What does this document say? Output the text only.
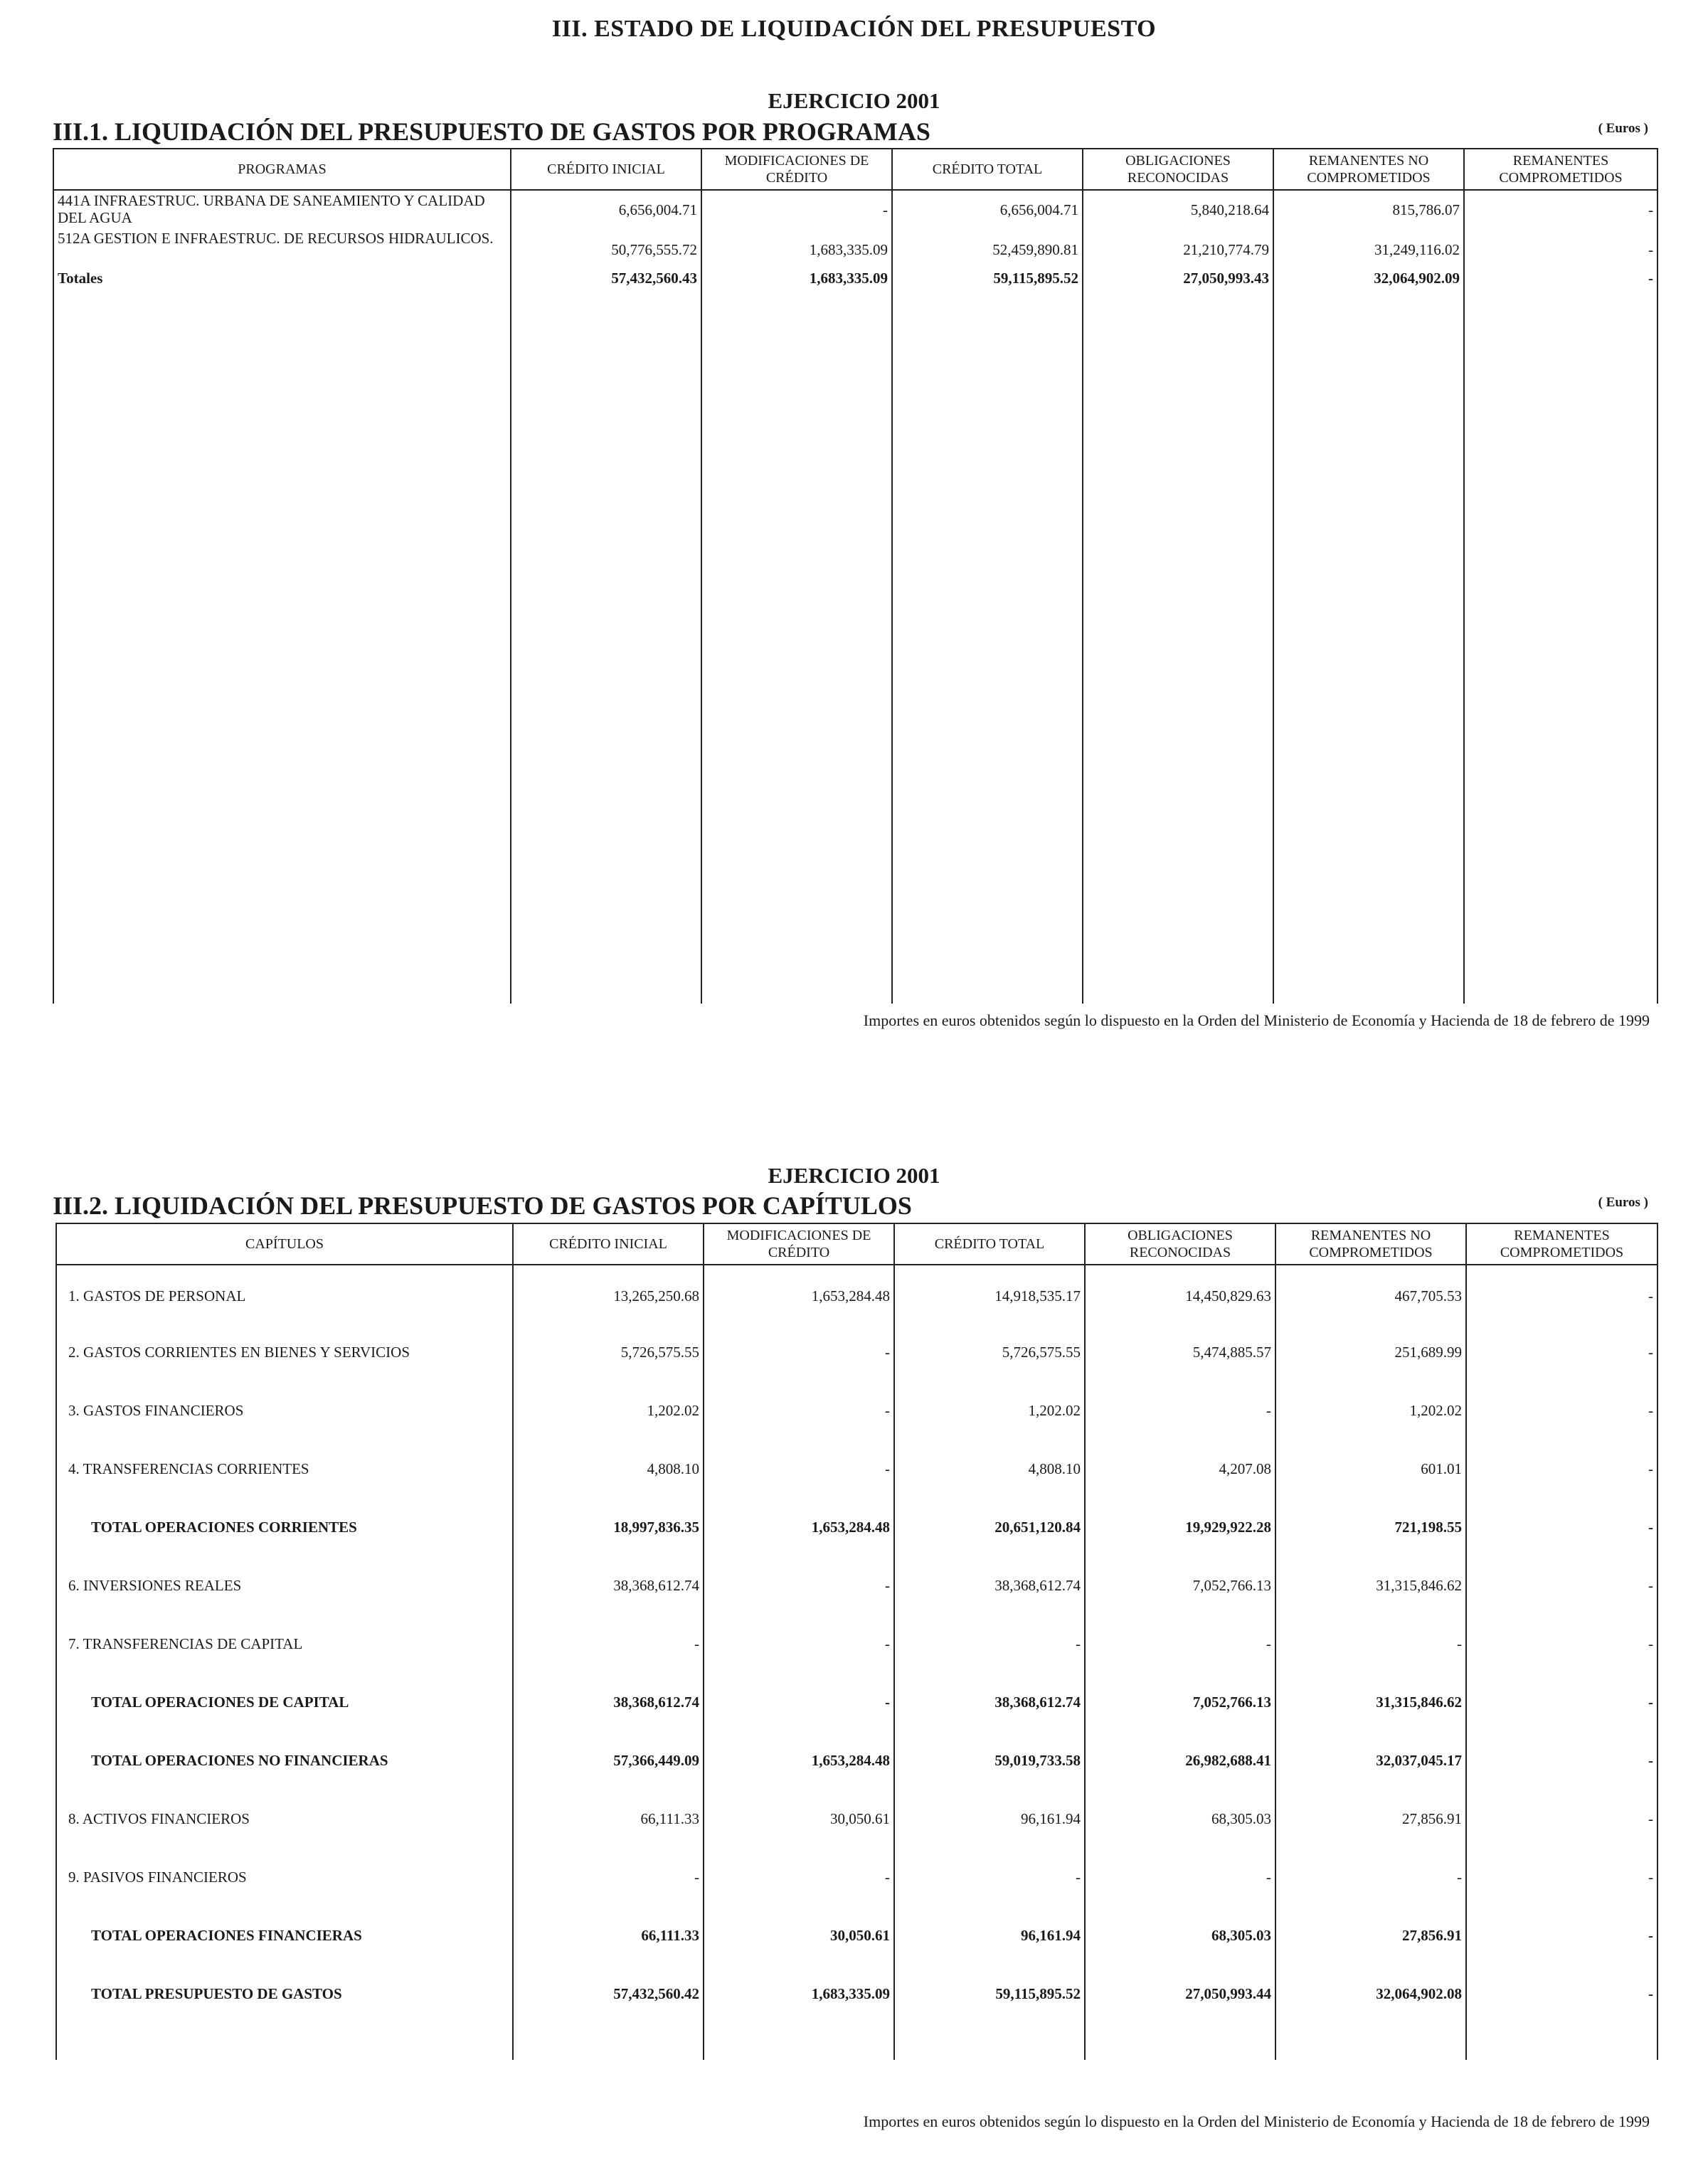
III. ESTADO DE LIQUIDACIÓN DEL PRESUPUESTO
EJERCICIO 2001
III.1. LIQUIDACIÓN DEL PRESUPUESTO DE GASTOS POR PROGRAMAS	( Euros )
PROGRAMAS	CRÉDITO INICIAL	MODIFICACIONES DE CRÉDITO	CRÉDITO TOTAL	OBLIGACIONES RECONOCIDAS	REMANENTES NO COMPROMETIDOS	REMANENTES COMPROMETIDOS
441A INFRAESTRUC. URBANA DE SANEAMIENTO Y CALIDAD DEL AGUA	6,656,004.71	-	6,656,004.71	5,840,218.64	815,786.07	-
512A GESTION E INFRAESTRUC. DE RECURSOS HIDRAULICOS.	50,776,555.72	1,683,335.09	52,459,890.81	21,210,774.79	31,249,116.02	-
Totales	57,432,560.43	1,683,335.09	59,115,895.52	27,050,993.43	32,064,902.09	-

Importes en euros obtenidos según lo dispuesto en la Orden del Ministerio de Economía y Hacienda de 18 de febrero de 1999
EJERCICIO 2001
III.2. LIQUIDACIÓN DEL PRESUPUESTO DE GASTOS POR CAPÍTULOS	( Euros )
CAPÍTULOS	CRÉDITO INICIAL	MODIFICACIONES DE CRÉDITO	CRÉDITO TOTAL	OBLIGACIONES RECONOCIDAS	REMANENTES NO COMPROMETIDOS	REMANENTES COMPROMETIDOS
1. GASTOS DE PERSONAL	13,265,250.68	1,653,284.48	14,918,535.17	14,450,829.63	467,705.53	-
2. GASTOS CORRIENTES EN BIENES Y SERVICIOS	5,726,575.55	-	5,726,575.55	5,474,885.57	251,689.99	-
3. GASTOS FINANCIEROS	1,202.02	-	1,202.02	-	1,202.02	-
4. TRANSFERENCIAS CORRIENTES	4,808.10	-	4,808.10	4,207.08	601.01	-
TOTAL OPERACIONES CORRIENTES	18,997,836.35	1,653,284.48	20,651,120.84	19,929,922.28	721,198.55	-
6. INVERSIONES REALES	38,368,612.74	-	38,368,612.74	7,052,766.13	31,315,846.62	-
7. TRANSFERENCIAS DE CAPITAL	-	-	-	-	-	-
TOTAL OPERACIONES DE CAPITAL	38,368,612.74	-	38,368,612.74	7,052,766.13	31,315,846.62	-
TOTAL OPERACIONES NO FINANCIERAS	57,366,449.09	1,653,284.48	59,019,733.58	26,982,688.41	32,037,045.17	-
8. ACTIVOS FINANCIEROS	66,111.33	30,050.61	96,161.94	68,305.03	27,856.91	-
9. PASIVOS FINANCIEROS	-	-	-	-	-	-
TOTAL OPERACIONES FINANCIERAS	66,111.33	30,050.61	96,161.94	68,305.03	27,856.91	-
TOTAL PRESUPUESTO DE GASTOS	57,432,560.42	1,683,335.09	59,115,895.52	27,050,993.44	32,064,902.08	-

Importes en euros obtenidos según lo dispuesto en la Orden del Ministerio de Economía y Hacienda de 18 de febrero de 1999
